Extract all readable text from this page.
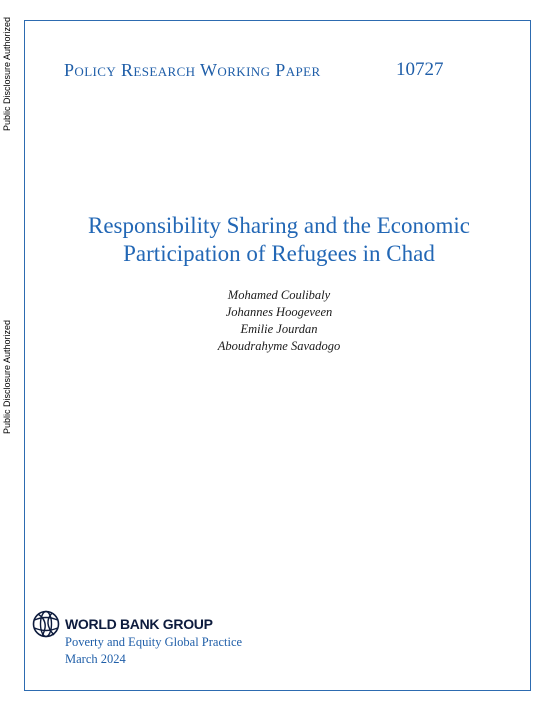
Public Disclosure Authorized
Public Disclosure Authorized
Policy Research Working Paper	10727
Responsibility Sharing and the Economic
Participation of Refugees in Chad
Mohamed Coulibaly
Johannes Hoogeveen
Emilie Jourdan
Aboudrahyme Savadogo
WORLD BANK GROUP
Poverty and Equity Global Practice
March 2024
